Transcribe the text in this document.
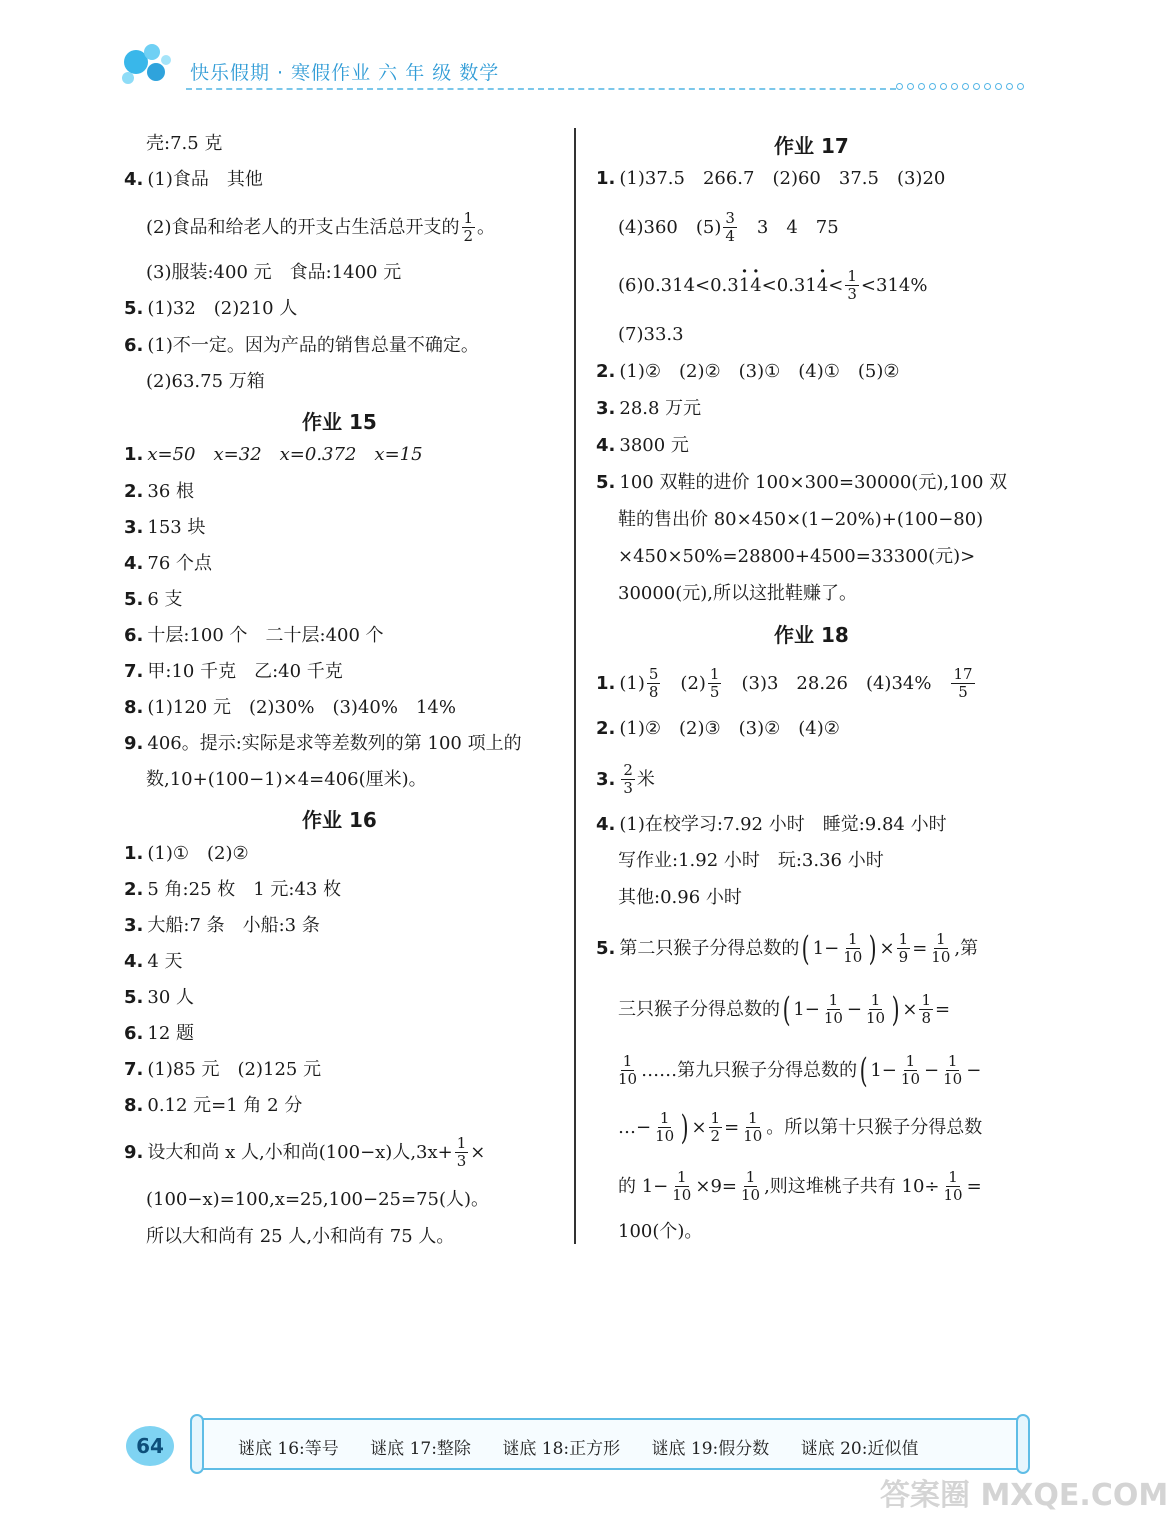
快乐假期 · 寒假作业 六 年 级 数学
壳:7.5 克
4. (1)食品　其他
(2)食品和给老人的开支占生活总开支的 1
2 。
(3)服装:400 元　食品:1400 元
5. (1)32　(2)210 人
6. (1)不一定。因为产品的销售总量不确定。
(2)63.75 万箱
作业 15
1. x=50　x=32　x=0.372　x=15
2. 36 根
3. 153 块
4. 76 个点
5. 6 支
6. 十层:100 个　二十层:400 个
7. 甲:10 千克　乙:40 千克
8. (1)120 元　(2)30%　(3)40%　14%
9. 406。提示:实际是求等差数列的第 100 项上的
数,10+(100−1)×4=406(厘米)。
作业 16
1. (1)①　(2)②
2. 5 角:25 枚　1 元:43 枚
3. 大船:7 条　小船:3 条
4. 4 天
5. 30 人
6. 12 题
7. (1)85 元　(2)125 元
8. 0.12 元=1 角 2 分
9. 设大和尚 x 人,小和尚(100−x)人$,3x+ \frac{1}{3}$ ×
(100−x)=100,x=25,100−25=75(人)。
所以大和尚有 25 人,小和尚有 75 人。
作业 17
1. (1)37.5　266.7　(2)60　37.5　(3)20
(4)360　(5) 3
4 　3　4　75
(6)0.314<0.3 · 1 · 4 <0.31 · 4 < 1
3 <314%
(7)33.3
2. (1)②　(2)②　(3)①　(4)①　(5)②
3. 28.8 万元
4. 3800 元
5. 100 双鞋的进价 100×300=30000(元),100 双
鞋的售出价 80×450×(1−20%)+(100−80)
×450×50%=28800+4500=33300(元)>
30000(元),所以这批鞋赚了。
作业 18
1. (1) 5
8 (2) 1
5 (3)3　28.26　(4)34% 17
5
2. (1)②　(2)③　(3)②　(4)②
3. 2
3 米
4. (1)在校学习:7.92 小时　睡觉:9.84 小时
写作业:1.92 小时　玩:3.36 小时
其他:0.96 小时
5. 第二只猴子分得总数的 ( $1- \frac{1}{10}$ ) × $\frac{1}{9} = \frac{1}{10}$ ,第
三只猴子分得总数的 ( $1- \frac{1}{10} - \frac{1}{10}$ ) × $\frac{1}{8}$ =
1
10 ……第九只猴子分得总数的 ( $1- \frac{1}{10} - \frac{1}{10}$ −
…− $\frac{1}{10}$ ) × $\frac{1}{2} = \frac{1}{10}$ 。所以第十只猴子分得总数
的 $1- \frac{1}{10} \times 9= \frac{1}{10}$ ,则这堆桃子共有 $10\div \frac{1}{10}$ =
100(个)。
64	谜底 16:等号 谜底 17:整除 谜底 18:正方形 谜底 19:假分数 谜底 20:近似值
答案圈 MXQE.COM
